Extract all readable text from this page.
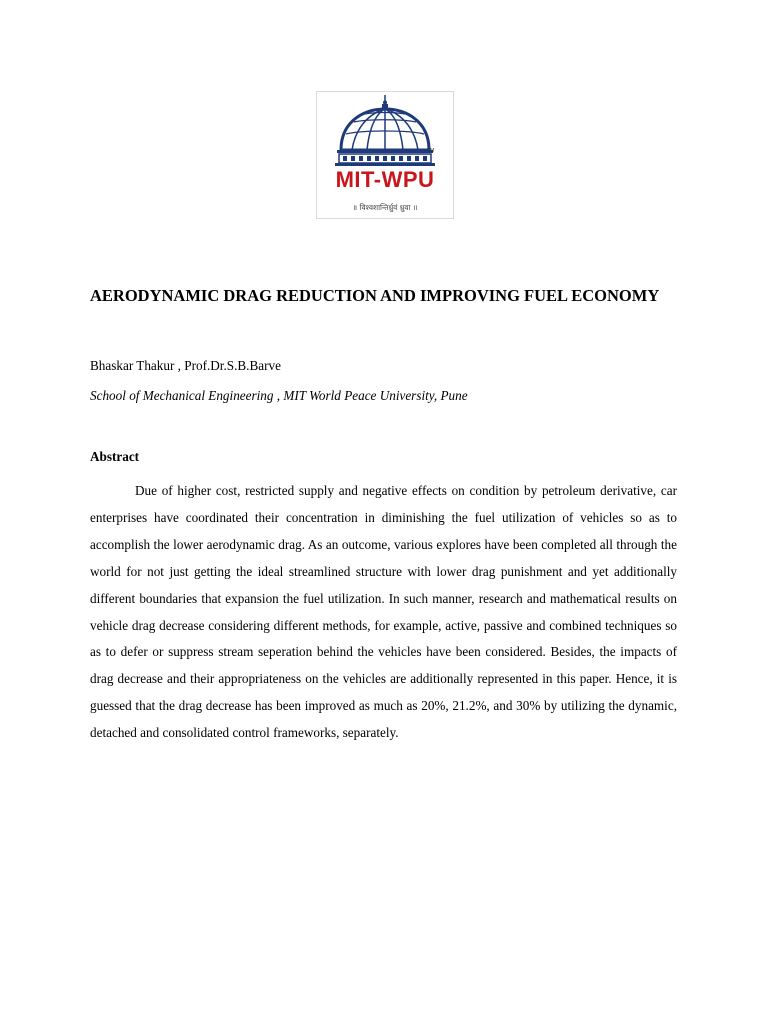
TM
MIT-WPU
॥ विश्वशान्तिर्ध्रुवं ध्रुवा ॥
AERODYNAMIC DRAG REDUCTION AND IMPROVING FUEL ECONOMY

Bhaskar Thakur , Prof.Dr.S.B.Barve

School of Mechanical Engineering , MIT World Peace University, Pune

Abstract

Due of higher cost, restricted supply and negative effects on condition by petroleum derivative, car enterprises have coordinated their concentration in diminishing the fuel utilization of vehicles so as to accomplish the lower aerodynamic drag. As an outcome, various explores have been completed all through the world for not just getting the ideal streamlined structure with lower drag punishment and yet additionally different boundaries that expansion the fuel utilization. In such manner, research and mathematical results on vehicle drag decrease considering different methods, for example, active, passive and combined techniques so as to defer or suppress stream seperation behind the vehicles have been considered. Besides, the impacts of drag decrease and their appropriateness on the vehicles are additionally represented in this paper. Hence, it is guessed that the drag decrease has been improved as much as 20%, 21.2%, and 30% by utilizing the dynamic, detached and consolidated control frameworks, separately.
